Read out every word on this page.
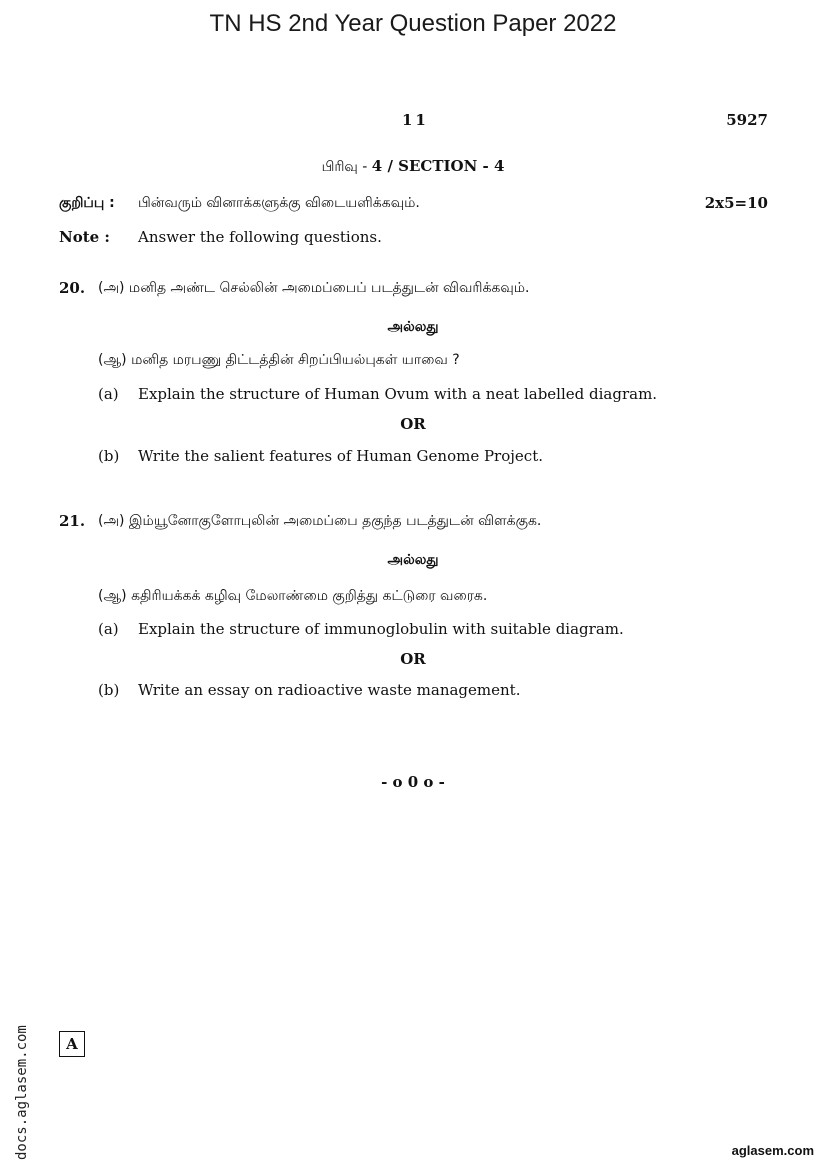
TN HS 2nd Year Question Paper 2022
11	5927
பிரிவு - 4 / SECTION - 4
குறிப்பு : பின்வரும் வினாக்களுக்கு விடையளிக்கவும்.	2x5=10
Note : Answer the following questions.
20. (அ) மனித அண்ட செல்லின் அமைப்பைப் படத்துடன் விவரிக்கவும்.
அல்லது
(ஆ) மனித மரபணு திட்டத்தின் சிறப்பியல்புகள் யாவை ?
(a) Explain the structure of Human Ovum with a neat labelled diagram.
OR
(b) Write the salient features of Human Genome Project.
21. (அ) இம்யூனோகுளோபுலின் அமைப்பை தகுந்த படத்துடன் விளக்குக.
அல்லது
(ஆ) கதிரியக்கக் கழிவு மேலாண்மை குறித்து கட்டுரை வரைக.
(a) Explain the structure of immunoglobulin with suitable diagram.
OR
(b) Write an essay on radioactive waste management.
- o 0 o -
docs.aglasem.com	A
aglasem.com
